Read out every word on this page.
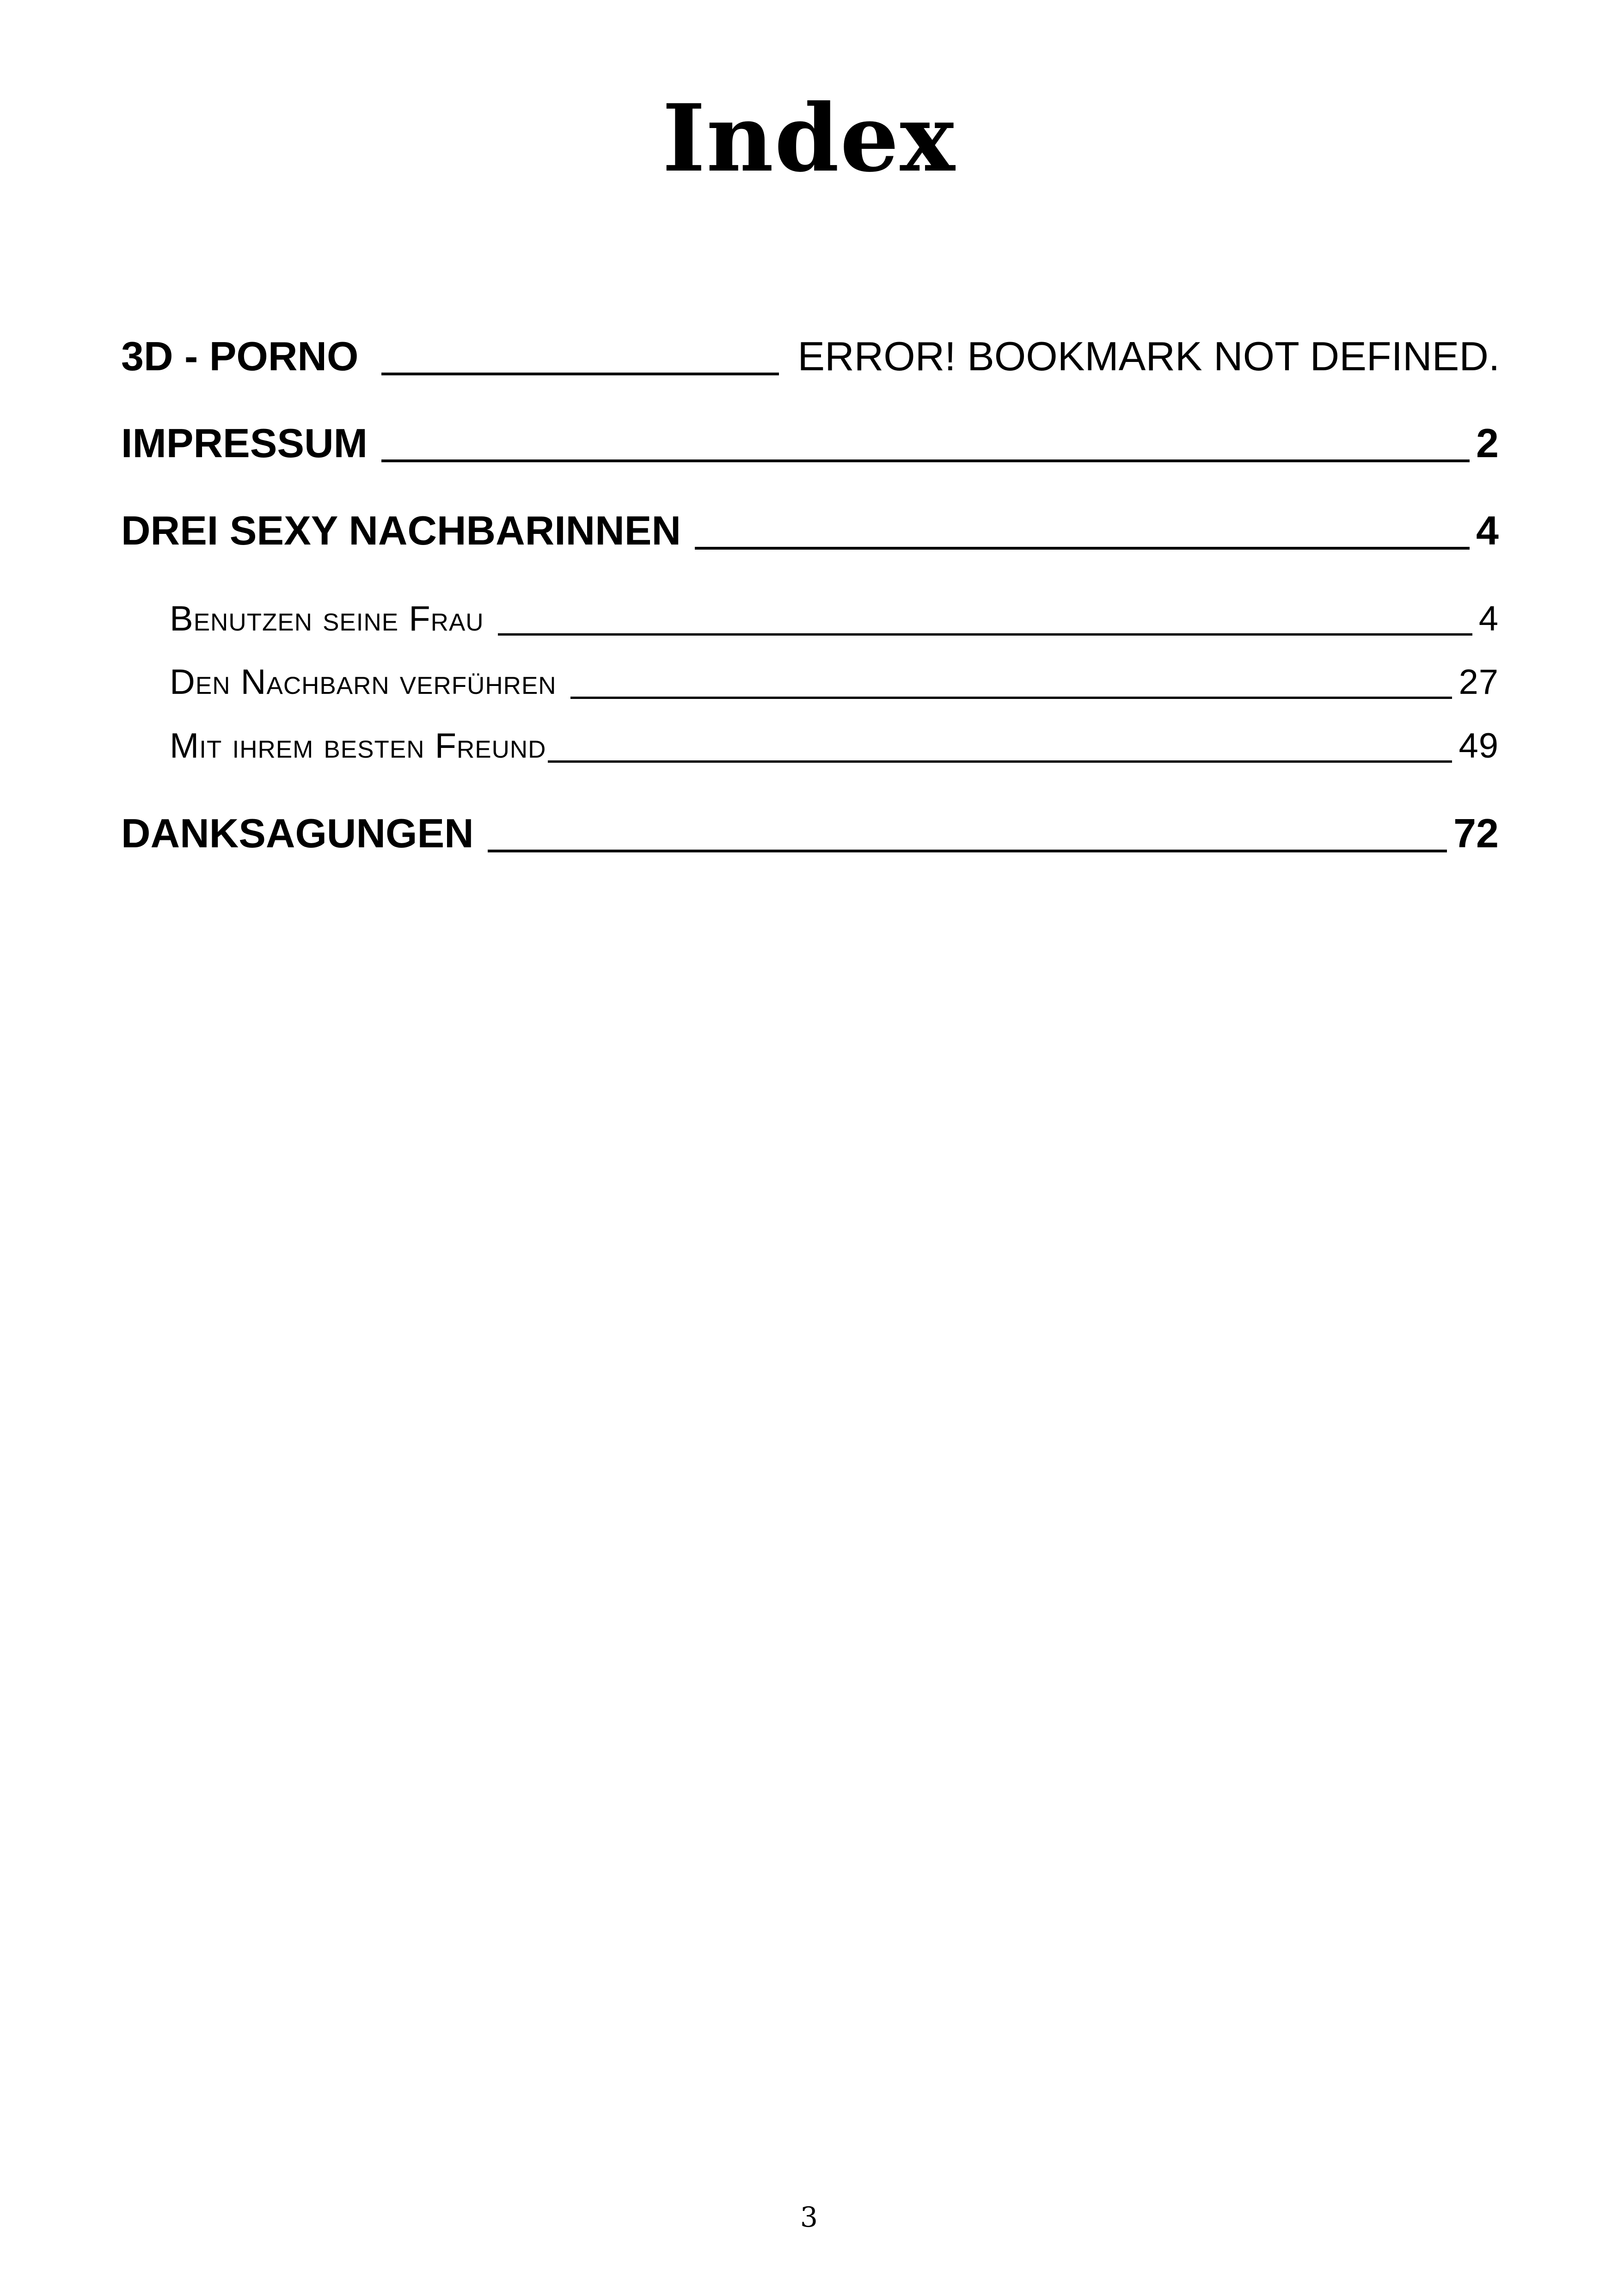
Index
3D - PORNO	ERROR! BOOKMARK NOT DEFINED.
IMPRESSUM	2
DREI SEXY NACHBARINNEN	4
Benutzen seine Frau	4
Den Nachbarn verführen	27
Mit ihrem besten Freund	49
DANKSAGUNGEN	72
3
